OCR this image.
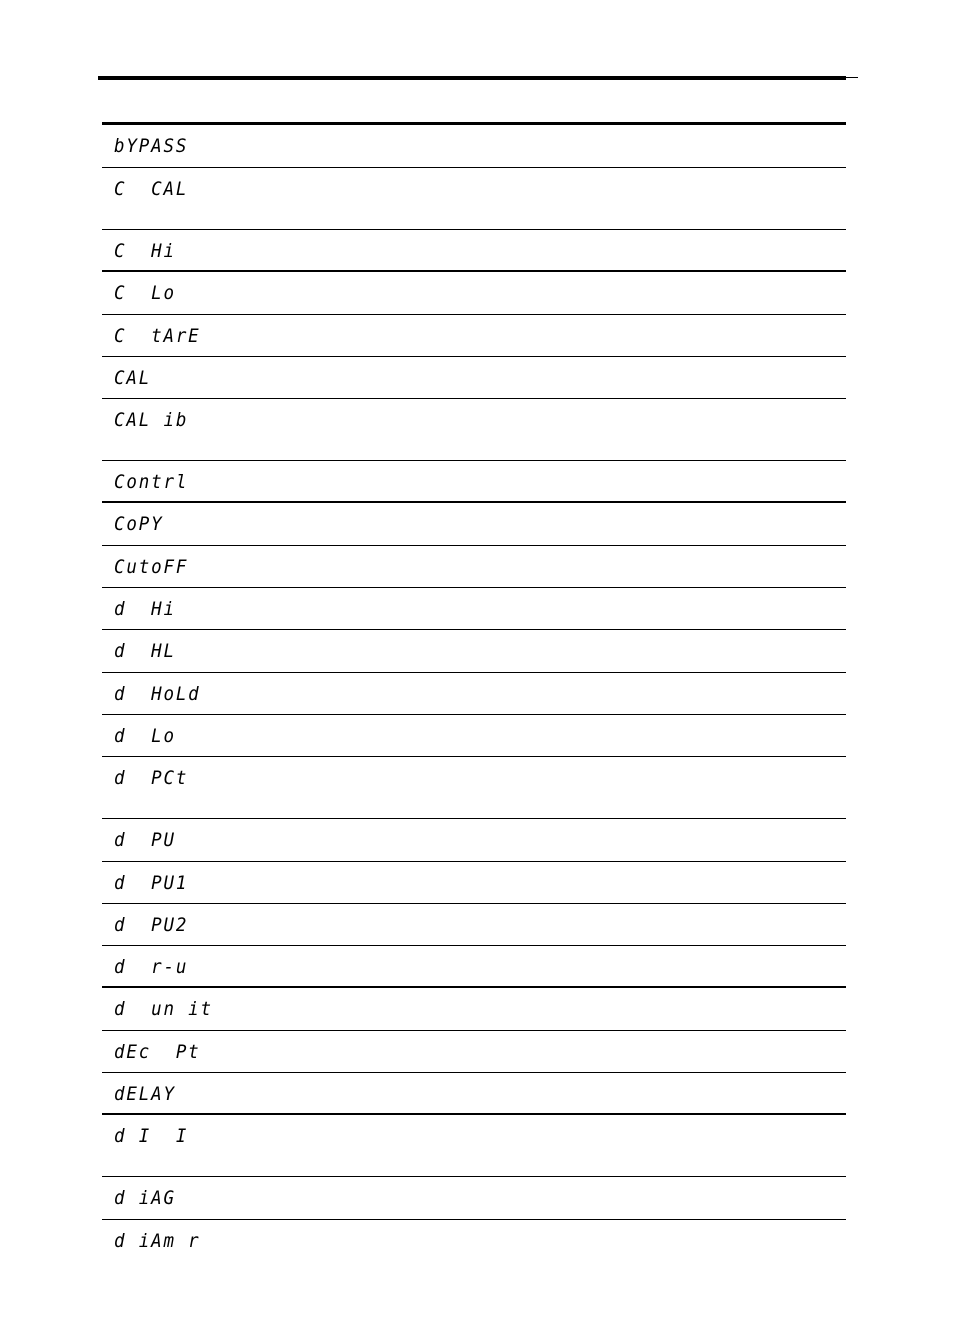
bYPASS
C  CAL
C  Hi
C  Lo
C  tArE
CAL
CAL ib
Contrl
CoPY
CutoFF
d  Hi
d  HL
d  HoLd
d  Lo
d  PCt
d  PU
d  PU1
d  PU2
d  r-u
d  un it
dEc  Pt
dELAY
d I  I
d iAG
d iAm r
